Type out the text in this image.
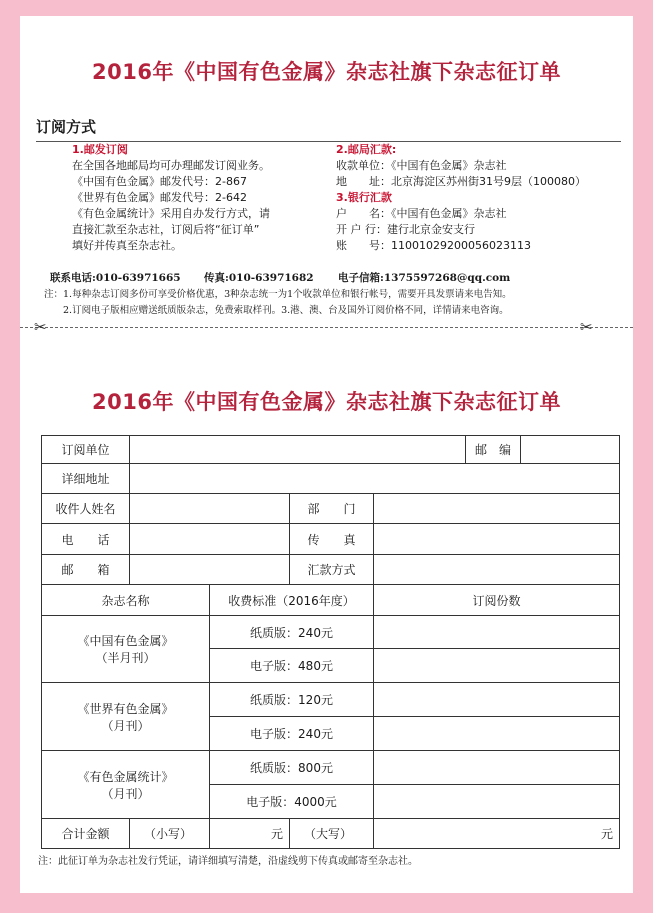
2016年《中国有色金属》杂志社旗下杂志征订单
订阅方式
1.邮发订阅
在全国各地邮局均可办理邮发订阅业务。
《中国有色金属》邮发代号：2-867
《世界有色金属》邮发代号：2-642
《有色金属统计》采用自办发行方式，请
直接汇款至杂志社，订阅后将“征订单”
填好并传真至杂志社。
2.邮局汇款:
收款单位：《中国有色金属》杂志社
地　　址：北京海淀区苏州街31号9层（100080）
3.银行汇款
户　　名：《中国有色金属》杂志社
开 户 行：建行北京金安支行
账　　号：11001029200056023113
联系电话:010-63971665 传真:010-63971682 电子信箱:1375597268@qq.com
注：1.每种杂志订阅多份可享受价格优惠，3种杂志统一为1个收款单位和银行帐号，需要开具发票请来电告知。
　　2.订阅电子版相应赠送纸质版杂志，免费索取样刊。3.港、澳、台及国外订阅价格不同，详情请来电咨询。
2016年《中国有色金属》杂志社旗下杂志征订单
订阅单位					邮　编	
详细地址						
收件人姓名			部　　门			
电　　话			传　　真			
邮　　箱			汇款方式			
杂志名称		收费标准（2016年度）		订阅份数		

《中国有色金属》
（半月刊）		纸质版：240元				
		电子版：480元				

《世界有色金属》
（月刊）		纸质版：120元				
		电子版：240元				

《有色金属统计》
（月刊）		纸质版：800元				
		电子版：4000元				
合计金额	（小写）	元	（大写）	元		
注：此征订单为杂志社发行凭证，请详细填写清楚，沿虚线剪下传真或邮寄至杂志社。
✂	✂
